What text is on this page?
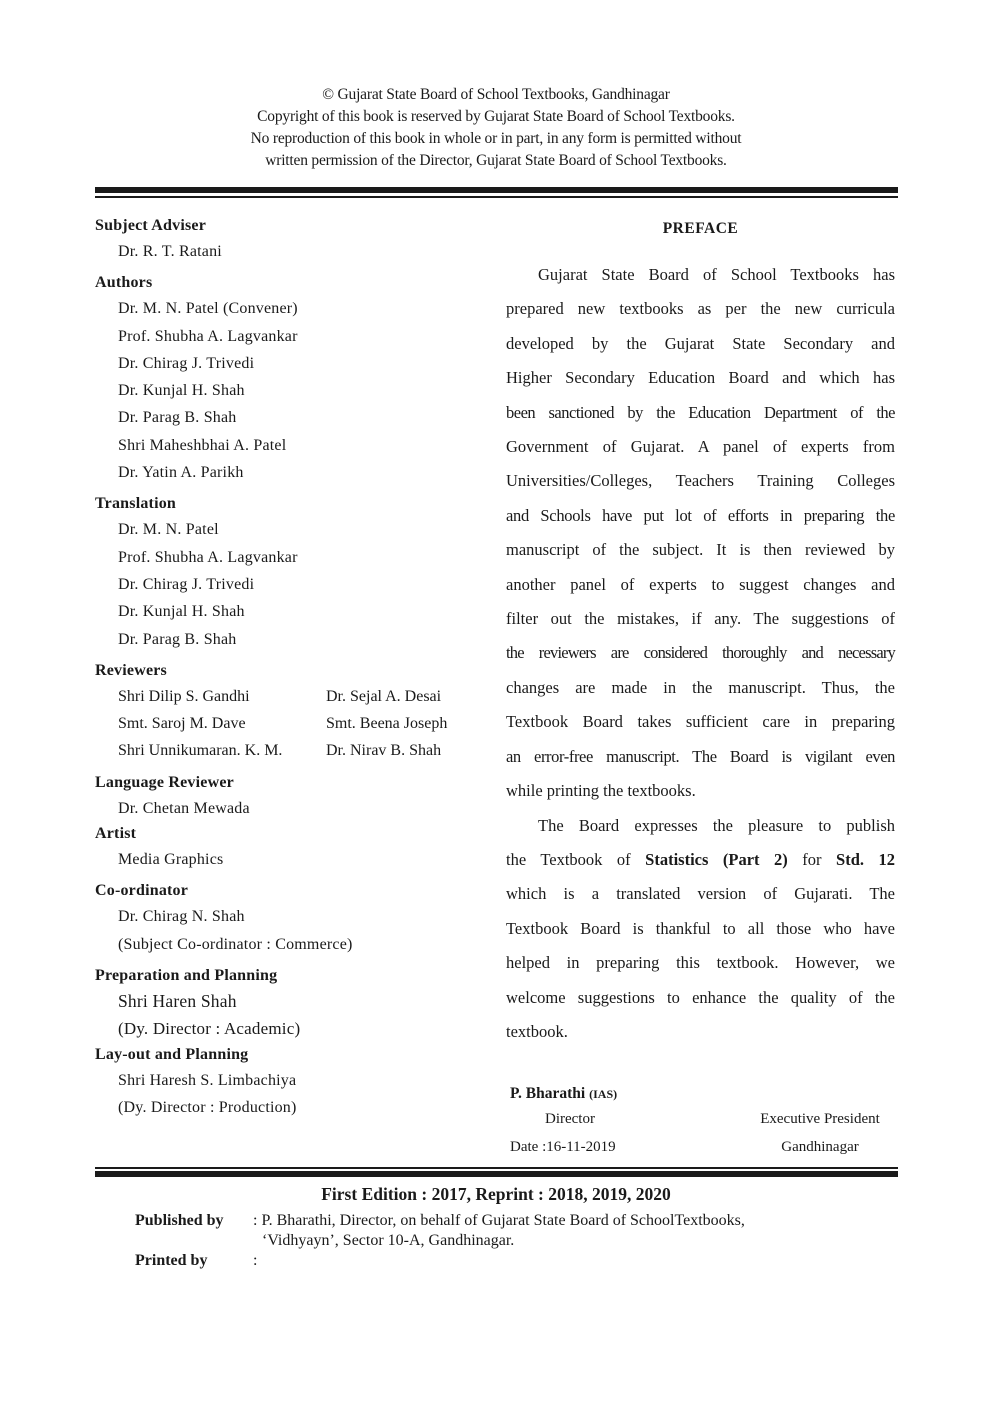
© Gujarat State Board of School Textbooks, Gandhinagar
Copyright of this book is reserved by Gujarat State Board of School Textbooks.
No reproduction of this book in whole or in part, in any form is permitted without
written permission of the Director, Gujarat State Board of School Textbooks.
Subject Adviser
Dr. R. T. Ratani
Authors
Dr. M. N. Patel (Convener)
Prof. Shubha A. Lagvankar
Dr. Chirag J. Trivedi
Dr. Kunjal H. Shah
Dr. Parag B. Shah
Shri Maheshbhai A. Patel
Dr. Yatin A. Parikh
Translation
Dr. M. N. Patel
Prof. Shubha A. Lagvankar
Dr. Chirag J. Trivedi
Dr. Kunjal H. Shah
Dr. Parag B. Shah
Reviewers
Shri Dilip S. Gandhi	Dr. Sejal A. Desai
Smt. Saroj M. Dave	Smt. Beena Joseph
Shri Unnikumaran. K. M.	Dr. Nirav B. Shah
Language Reviewer
Dr. Chetan Mewada
Artist
Media Graphics
Co-ordinator
Dr. Chirag N. Shah
(Subject Co-ordinator : Commerce)
Preparation and Planning
Shri Haren Shah
(Dy. Director : Academic)
Lay-out and Planning
Shri Haresh S. Limbachiya
(Dy. Director : Production)
PREFACE
Gujarat State Board of School Textbooks has
prepared new textbooks as per the new curricula
developed by the Gujarat State Secondary and
Higher Secondary Education Board and which has
been sanctioned by the Education Department of the
Government of Gujarat. A panel of experts from
Universities/Colleges, Teachers Training Colleges
and Schools have put lot of efforts in preparing the
manuscript of the subject. It is then reviewed by
another panel of experts to suggest changes and
filter out the mistakes, if any. The suggestions of
the reviewers are considered thoroughly and necessary
changes are made in the manuscript. Thus, the
Textbook Board takes sufficient care in preparing
an error-free manuscript. The Board is vigilant even
while printing the textbooks.
The Board expresses the pleasure to publish
the Textbook of Statistics (Part 2) for Std. 12
which is a translated version of Gujarati. The
Textbook Board is thankful to all those who have
helped in preparing this textbook. However, we
welcome suggestions to enhance the quality of the
textbook.
P. Bharathi (IAS)
Director	Executive President
Date :16-11-2019	Gandhinagar
First Edition : 2017, Reprint : 2018, 2019, 2020
Published by	: P. Bharathi, Director, on behalf of Gujarat State Board of SchoolTextbooks,
‘Vidhyayn’, Sector 10-A, Gandhinagar.
Printed by	:
